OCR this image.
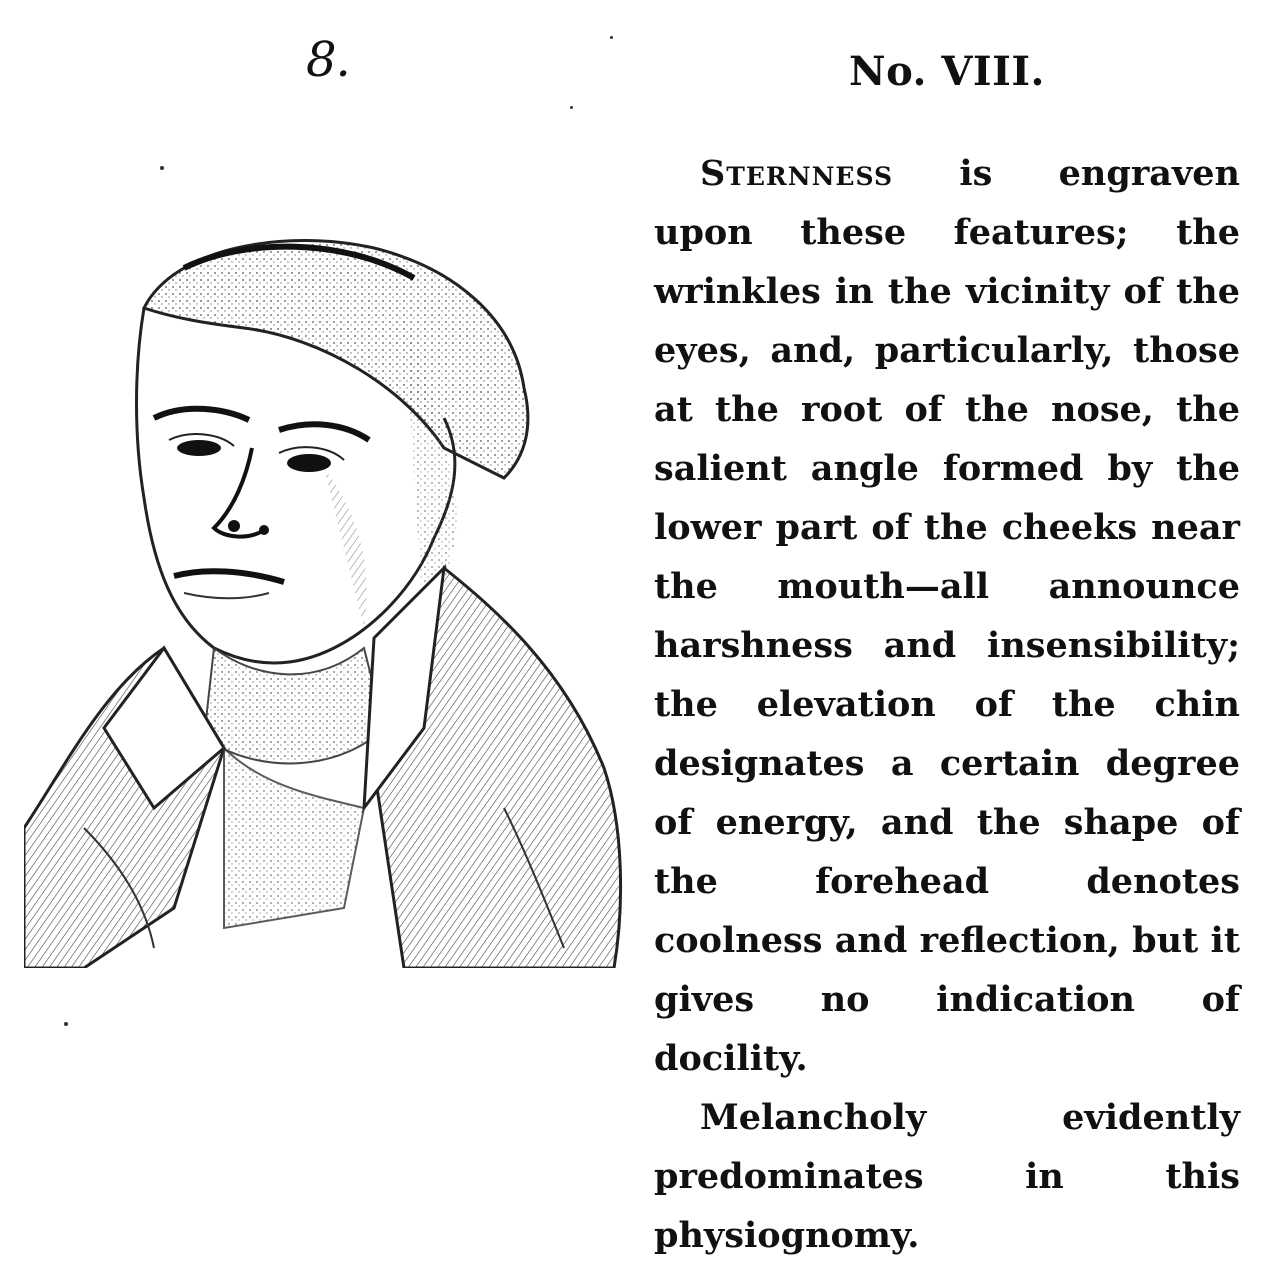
8.	No. VIII.

Sternness is engraven upon these features; the wrinkles in the vicinity of the eyes, and, particularly, those at the root of the nose, the salient angle formed by the lower part of the cheeks near the mouth—all announce harshness and insensibility; the elevation of the chin designates a certain degree of energy, and the shape of the forehead denotes coolness and reflection, but it gives no indication of docility.

Melancholy evidently predominates in this physiognomy.
